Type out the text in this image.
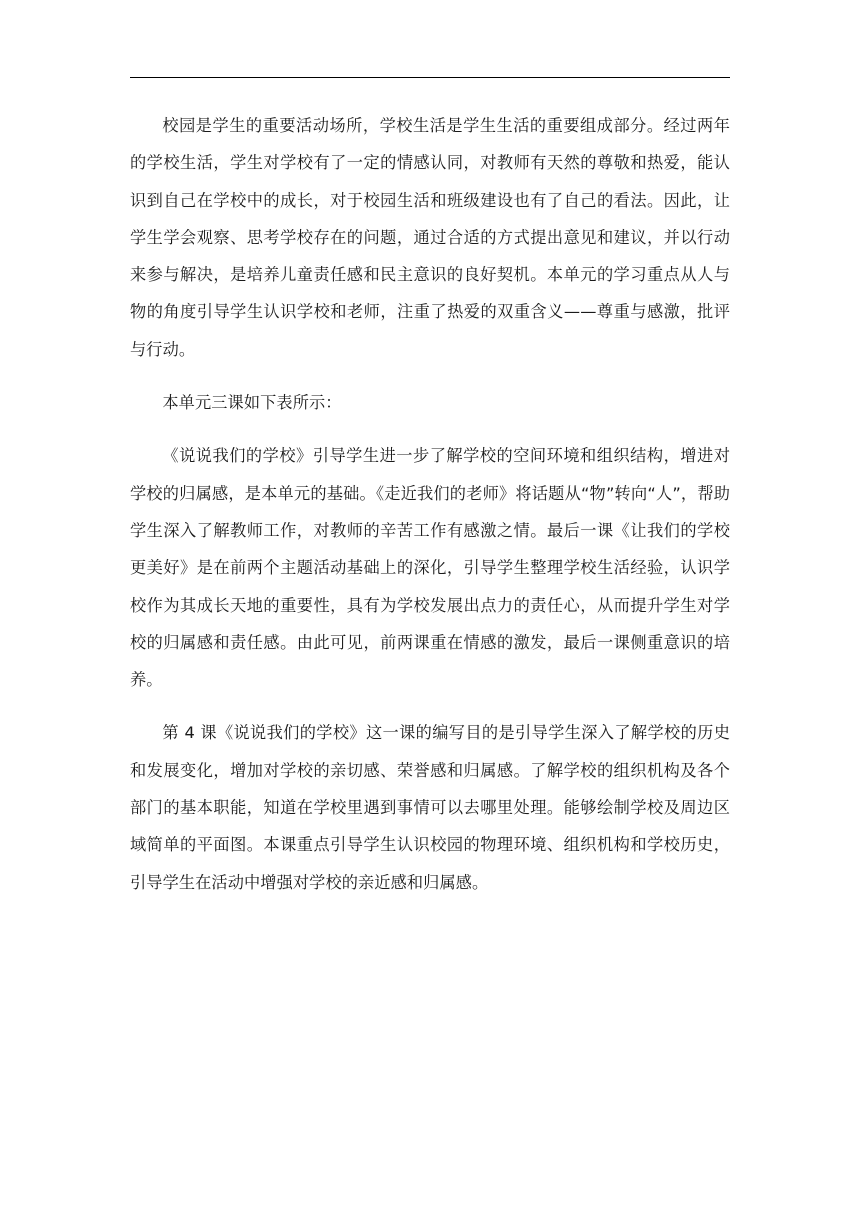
校园是学生的重要活动场所，学校生活是学生生活的重要组成部分。经过两年的学校生活，学生对学校有了一定的情感认同，对教师有天然的尊敬和热爱，能认识到自己在学校中的成长，对于校园生活和班级建设也有了自己的看法。因此，让学生学会观察、思考学校存在的问题，通过合适的方式提出意见和建议，并以行动来参与解决，是培养儿童责任感和民主意识的良好契机。本单元的学习重点从人与物的角度引导学生认识学校和老师，注重了热爱的双重含义——尊重与感激，批评与行动。

本单元三课如下表所示：

《说说我们的学校》引导学生进一步了解学校的空间环境和组织结构，增进对学校的归属感，是本单元的基础。《走近我们的老师》将话题从“物”转向“人”，帮助学生深入了解教师工作，对教师的辛苦工作有感激之情。最后一课《让我们的学校更美好》是在前两个主题活动基础上的深化，引导学生整理学校生活经验，认识学校作为其成长天地的重要性，具有为学校发展出点力的责任心，从而提升学生对学校的归属感和责任感。由此可见，前两课重在情感的激发，最后一课侧重意识的培养。

第 4 课《说说我们的学校》这一课的编写目的是引导学生深入了解学校的历史和发展变化，增加对学校的亲切感、荣誉感和归属感。了解学校的组织机构及各个部门的基本职能，知道在学校里遇到事情可以去哪里处理。能够绘制学校及周边区域简单的平面图。本课重点引导学生认识校园的物理环境、组织机构和学校历史，引导学生在活动中增强对学校的亲近感和归属感。
